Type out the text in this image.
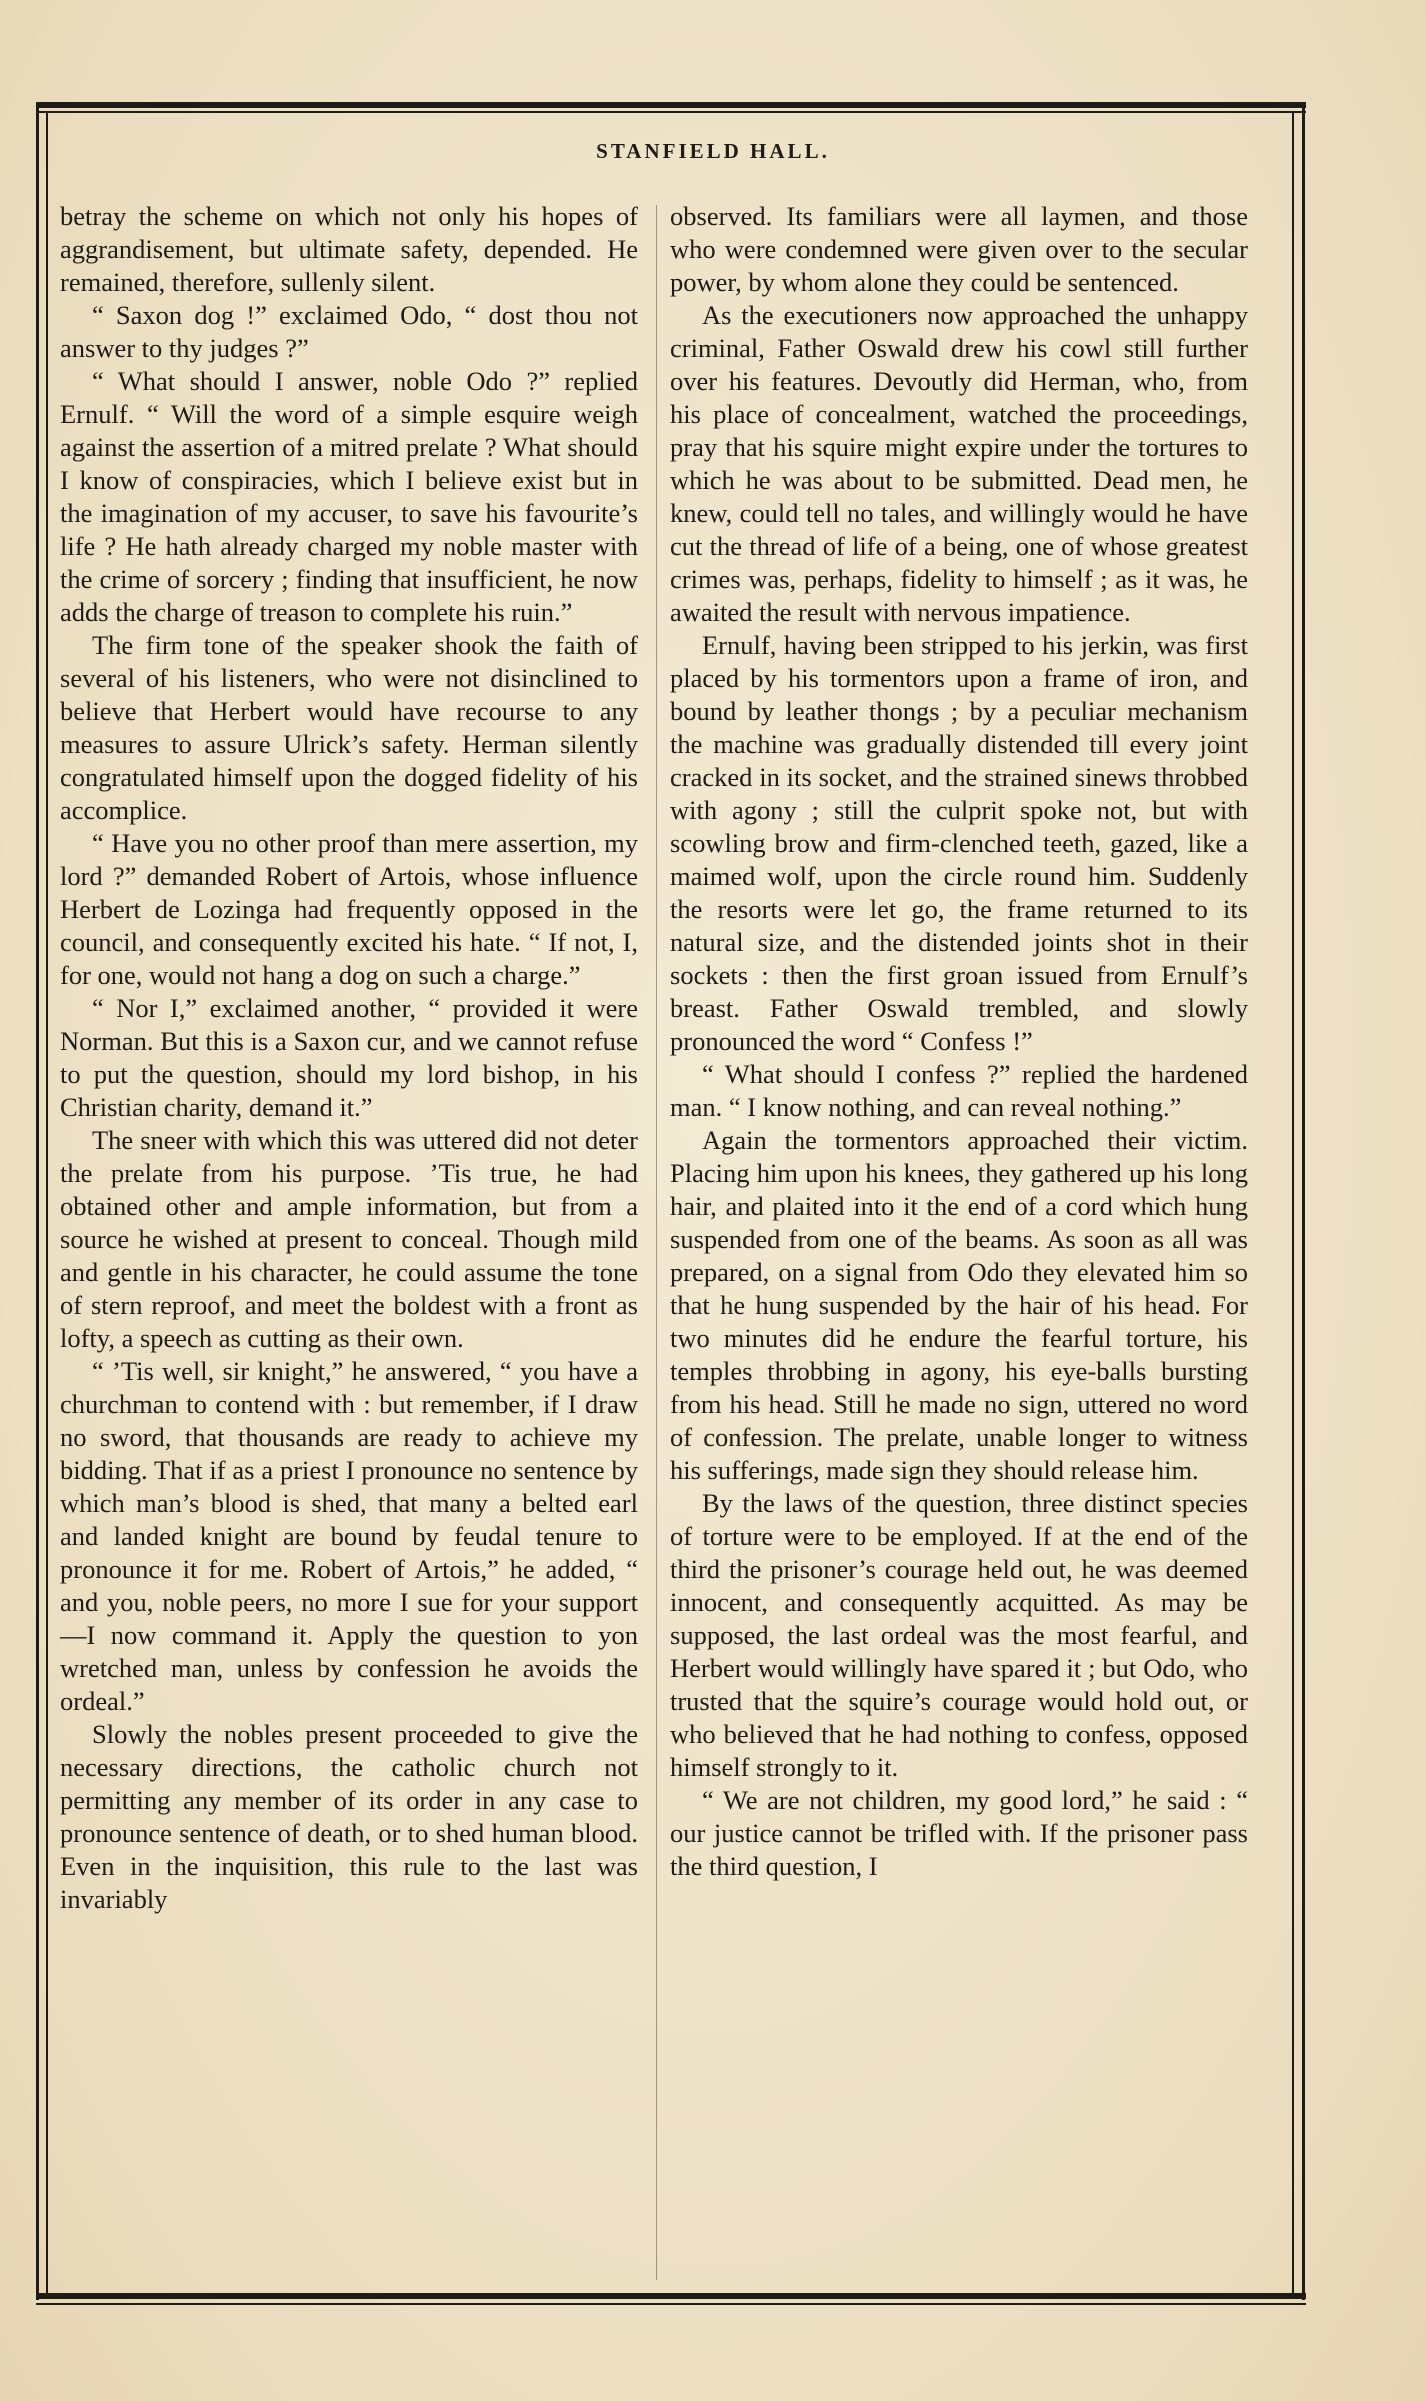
STANFIELD HALL.

betray the scheme on which not only his hopes of aggrandisement, but ultimate safety, depended. He remained, therefore, sullenly silent.

“ Saxon dog !” exclaimed Odo, “ dost thou not answer to thy judges ?”

“ What should I answer, noble Odo ?” replied Ernulf. “ Will the word of a simple esquire weigh against the assertion of a mitred prelate ? What should I know of conspiracies, which I believe exist but in the imagination of my accuser, to save his favourite’s life ? He hath already charged my noble master with the crime of sorcery ; finding that insufficient, he now adds the charge of treason to complete his ruin.”

The firm tone of the speaker shook the faith of several of his listeners, who were not disinclined to believe that Herbert would have recourse to any measures to assure Ulrick’s safety. Herman silently congratulated himself upon the dogged fidelity of his accomplice.

“ Have you no other proof than mere assertion, my lord ?” demanded Robert of Artois, whose influence Herbert de Lozinga had frequently opposed in the council, and consequently excited his hate. “ If not, I, for one, would not hang a dog on such a charge.”

“ Nor I,” exclaimed another, “ provided it were Norman. But this is a Saxon cur, and we cannot refuse to put the question, should my lord bishop, in his Christian charity, demand it.”

The sneer with which this was uttered did not deter the prelate from his purpose. ’Tis true, he had obtained other and ample information, but from a source he wished at present to conceal. Though mild and gentle in his character, he could assume the tone of stern reproof, and meet the boldest with a front as lofty, a speech as cutting as their own.

“ ’Tis well, sir knight,” he answered, “ you have a churchman to contend with : but remember, if I draw no sword, that thousands are ready to achieve my bidding. That if as a priest I pronounce no sentence by which man’s blood is shed, that many a belted earl and landed knight are bound by feudal tenure to pronounce it for me. Robert of Artois,” he added, “ and you, noble peers, no more I sue for your support—I now command it. Apply the question to yon wretched man, unless by confession he avoids the ordeal.”

Slowly the nobles present proceeded to give the necessary directions, the catholic church not permitting any member of its order in any case to pronounce sentence of death, or to shed human blood. Even in the inquisition, this rule to the last was invariably

observed. Its familiars were all laymen, and those who were condemned were given over to the secular power, by whom alone they could be sentenced.

As the executioners now approached the unhappy criminal, Father Oswald drew his cowl still further over his features. Devoutly did Herman, who, from his place of concealment, watched the proceedings, pray that his squire might expire under the tortures to which he was about to be submitted. Dead men, he knew, could tell no tales, and willingly would he have cut the thread of life of a being, one of whose greatest crimes was, perhaps, fidelity to himself ; as it was, he awaited the result with nervous impatience.

Ernulf, having been stripped to his jerkin, was first placed by his tormentors upon a frame of iron, and bound by leather thongs ; by a peculiar mechanism the machine was gradually distended till every joint cracked in its socket, and the strained sinews throbbed with agony ; still the culprit spoke not, but with scowling brow and firm-clenched teeth, gazed, like a maimed wolf, upon the circle round him. Suddenly the resorts were let go, the frame returned to its natural size, and the distended joints shot in their sockets : then the first groan issued from Ernulf’s breast. Father Oswald trembled, and slowly pronounced the word “ Confess !”

“ What should I confess ?” replied the hardened man. “ I know nothing, and can reveal nothing.”

Again the tormentors approached their victim. Placing him upon his knees, they gathered up his long hair, and plaited into it the end of a cord which hung suspended from one of the beams. As soon as all was prepared, on a signal from Odo they elevated him so that he hung suspended by the hair of his head. For two minutes did he endure the fearful torture, his temples throbbing in agony, his eye-balls bursting from his head. Still he made no sign, uttered no word of confession. The prelate, unable longer to witness his sufferings, made sign they should release him.

By the laws of the question, three distinct species of torture were to be employed. If at the end of the third the prisoner’s courage held out, he was deemed innocent, and consequently acquitted. As may be supposed, the last ordeal was the most fearful, and Herbert would willingly have spared it ; but Odo, who trusted that the squire’s courage would hold out, or who believed that he had nothing to confess, opposed himself strongly to it.

“ We are not children, my good lord,” he said : “ our justice cannot be trifled with. If the prisoner pass the third question, I
